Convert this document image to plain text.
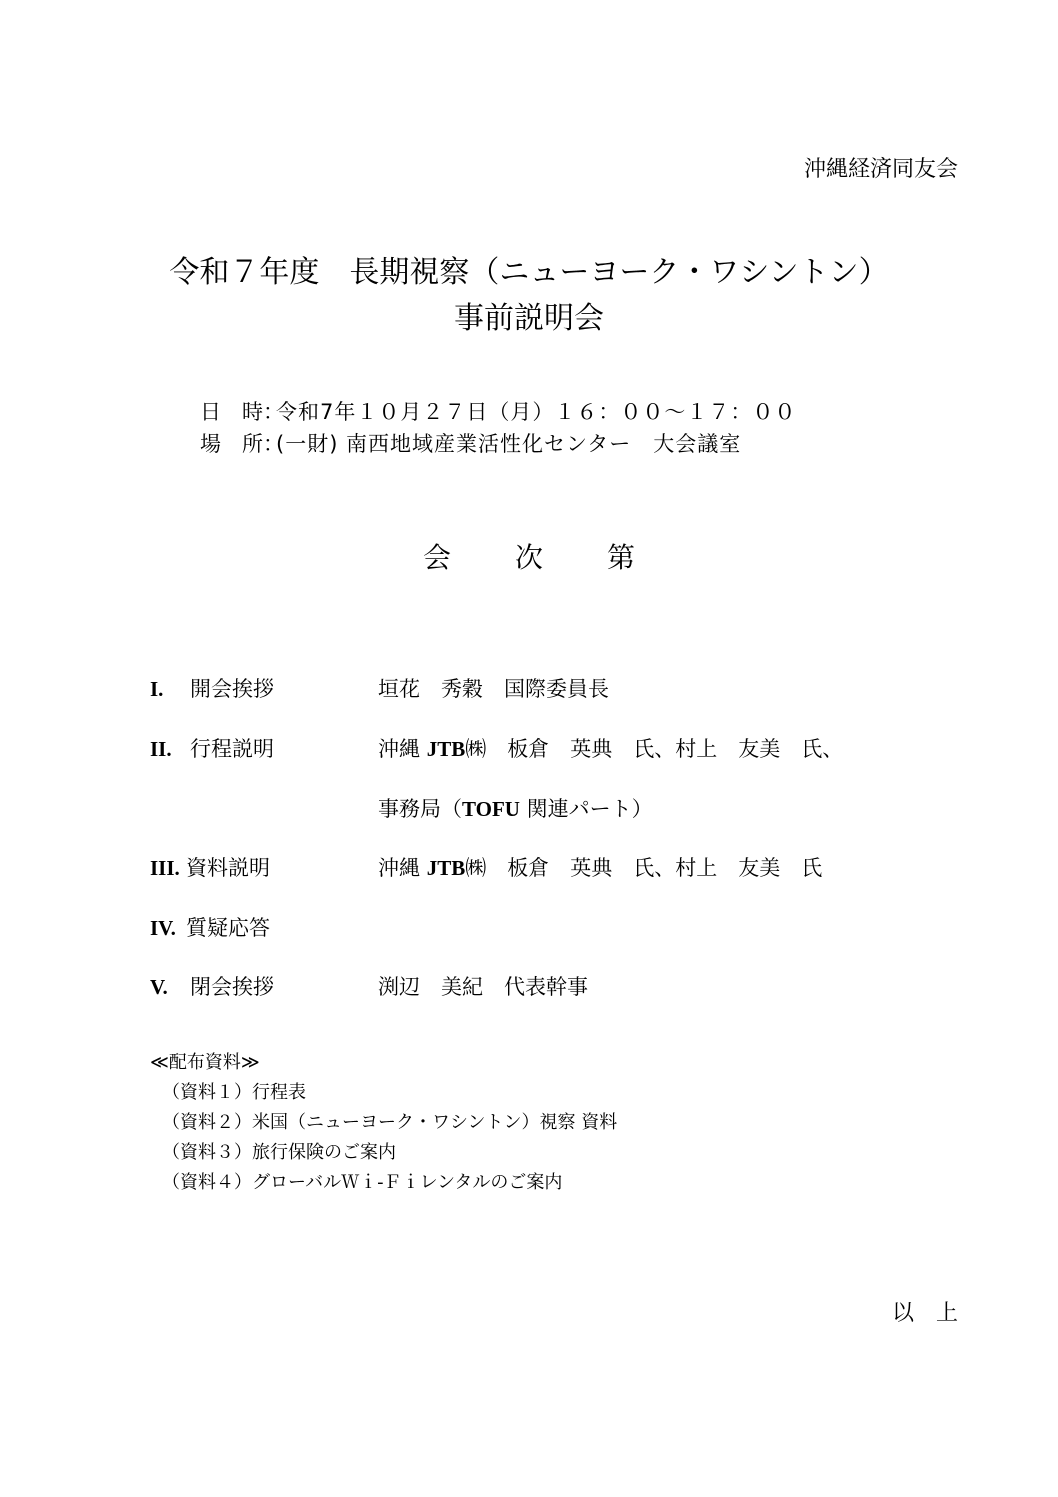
沖縄経済同友会
令和７年度　長期視察（ニューヨーク・ワシントン）
事前説明会
日　時：令和7年１０月２７日（月）１６：００〜１７：００
場　所：(一財) 南西地域産業活性化センター　大会議室
会 次 第
I. 開会挨拶	垣花　秀穀　国際委員長
II. 行程説明	沖縄 JTB㈱　板倉　英典　氏、村上　友美　氏、
事務局（TOFU 関連パート）
III. 資料説明	沖縄 JTB㈱　板倉　英典　氏、村上　友美　氏
IV. 質疑応答
V. 閉会挨拶	渕辺　美紀　代表幹事
≪配布資料≫
（資料１）行程表
（資料２）米国（ニューヨーク・ワシントン）視察 資料
（資料３）旅行保険のご案内
（資料４）グローバルＷｉ-Ｆｉレンタルのご案内
以 上
